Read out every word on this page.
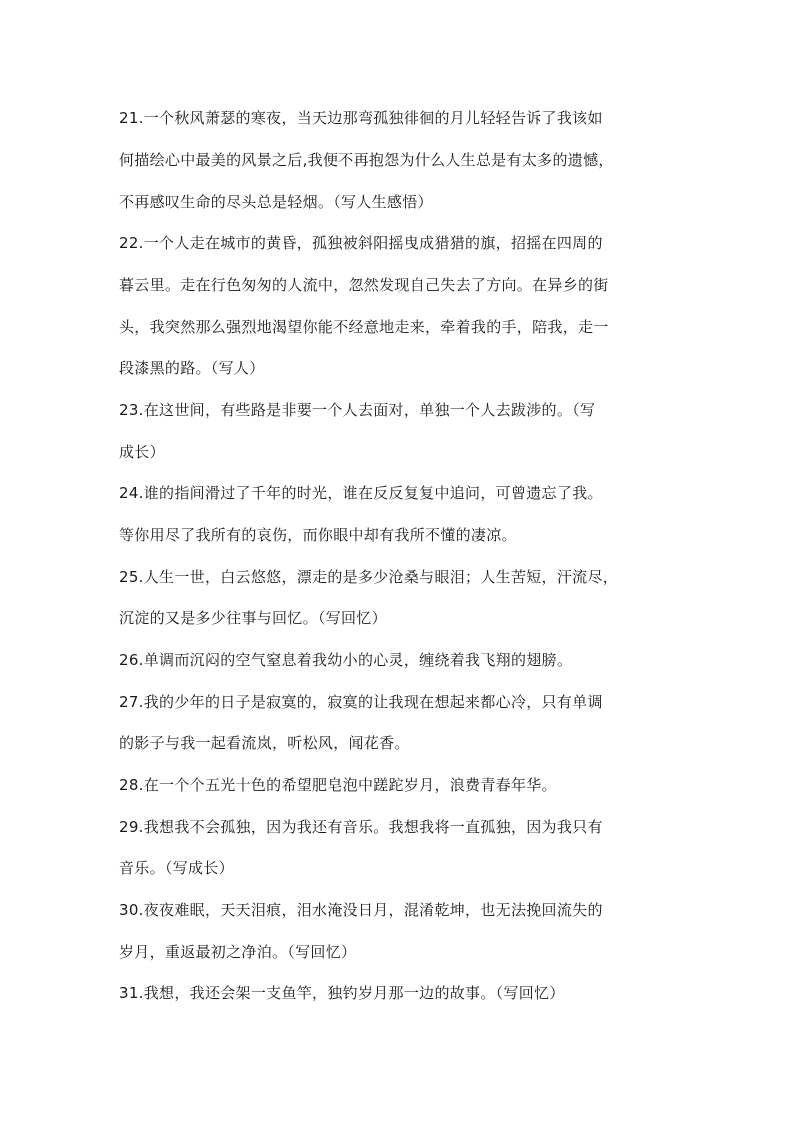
21.一个秋风萧瑟的寒夜，当天边那弯孤独徘徊的月儿轻轻告诉了我该如
何描绘心中最美的风景之后,我便不再抱怨为什么人生总是有太多的遗憾，
不再感叹生命的尽头总是轻烟。（写人生感悟）
22.一个人走在城市的黄昏，孤独被斜阳摇曳成猎猎的旗，招摇在四周的
暮云里。走在行色匆匆的人流中，忽然发现自己失去了方向。在异乡的街
头，我突然那么强烈地渴望你能不经意地走来，牵着我的手，陪我，走一
段漆黑的路。（写人）
23.在这世间，有些路是非要一个人去面对，单独一个人去跋涉的。（写
成长）
24.谁的指间滑过了千年的时光，谁在反反复复中追问，可曾遗忘了我。
等你用尽了我所有的哀伤，而你眼中却有我所不懂的凄凉。
25.人生一世，白云悠悠，漂走的是多少沧桑与眼泪；人生苦短，汗流尽，
沉淀的又是多少往事与回忆。（写回忆）
26.单调而沉闷的空气窒息着我幼小的心灵，缠绕着我飞翔的翅膀。
27.我的少年的日子是寂寞的，寂寞的让我现在想起来都心冷，只有单调
的影子与我一起看流岚，听松风，闻花香。
28.在一个个五光十色的希望肥皂泡中蹉跎岁月，浪费青春年华。
29.我想我不会孤独，因为我还有音乐。我想我将一直孤独，因为我只有
音乐。（写成长）
30.夜夜难眠，天天泪痕，泪水淹没日月，混淆乾坤，也无法挽回流失的
岁月，重返最初之净泊。（写回忆）
31.我想，我还会架一支鱼竿，独钓岁月那一边的故事。（写回忆）
